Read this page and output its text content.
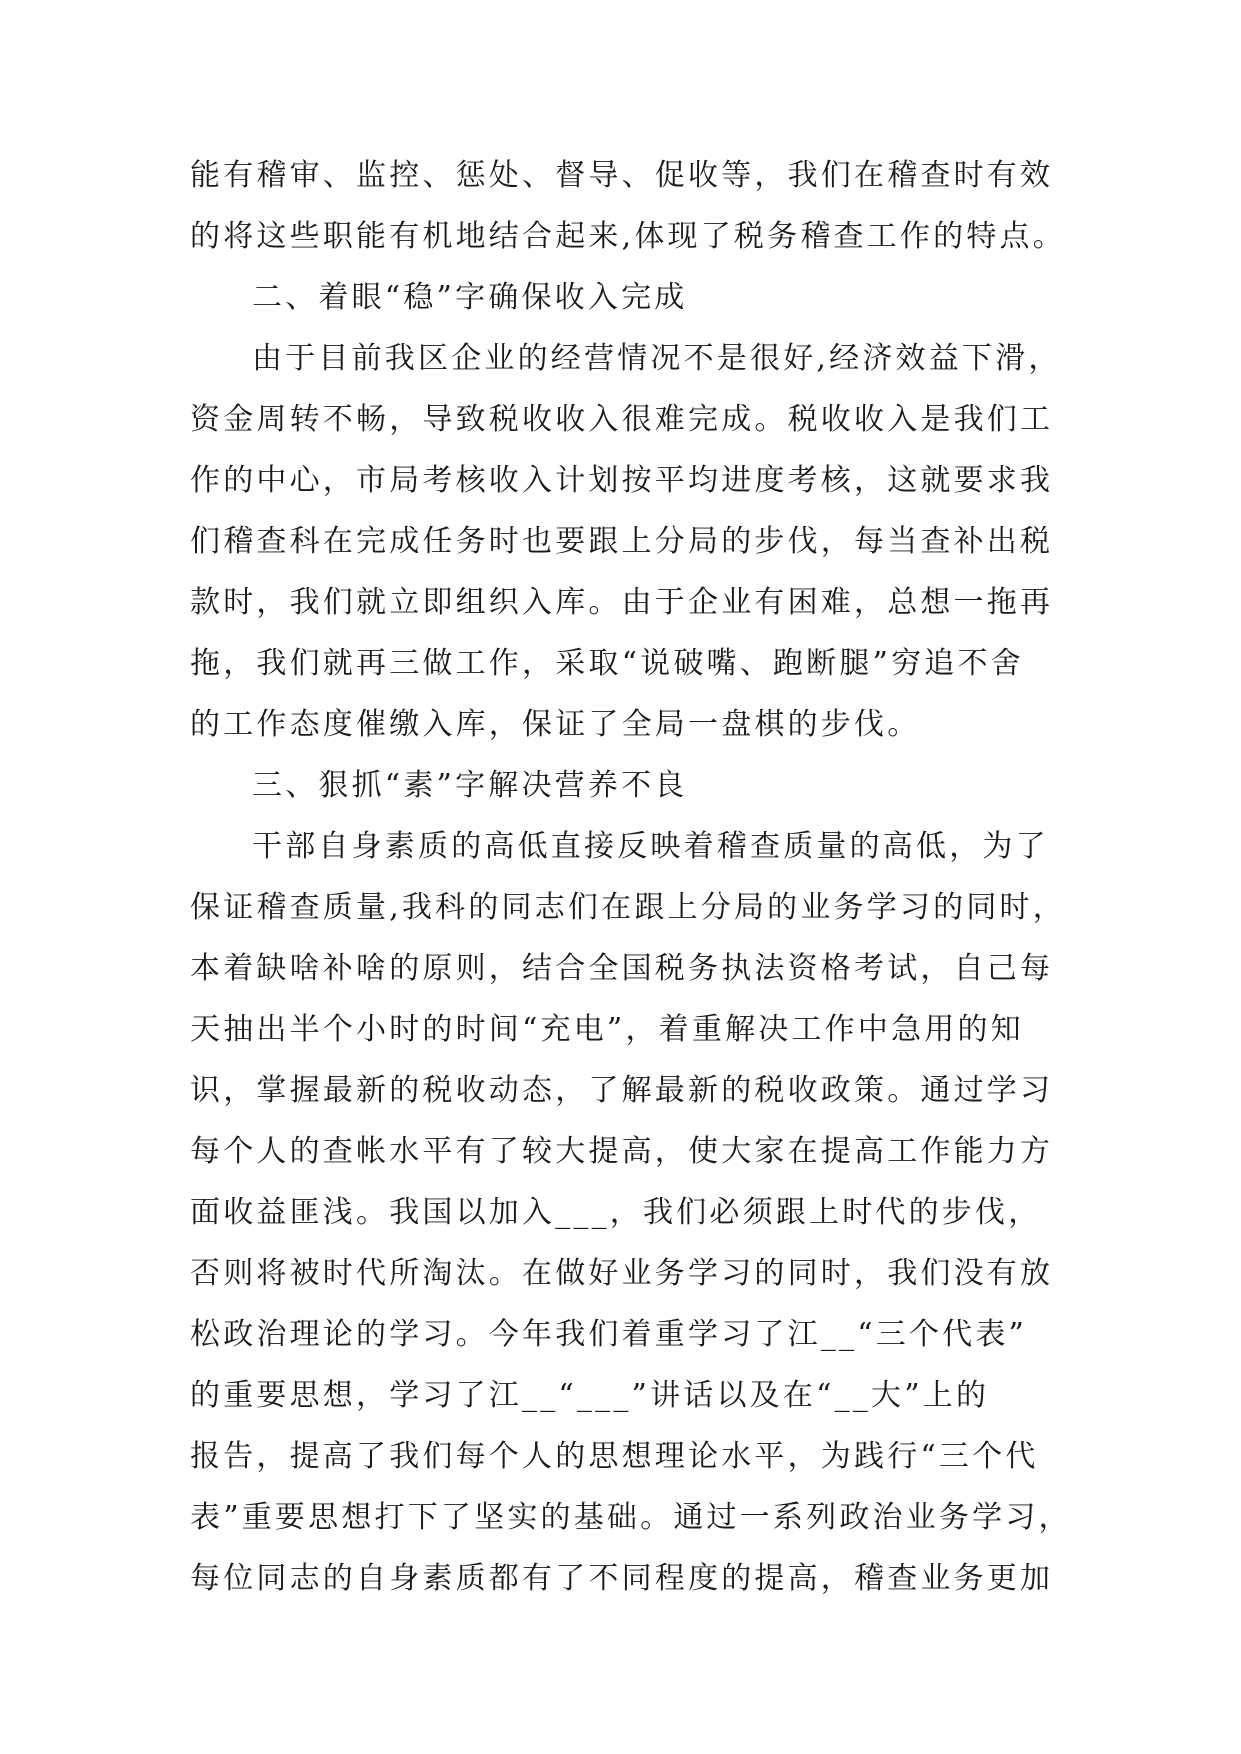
能有稽审、监控、惩处、督导、促收等，我们在稽查时有效
的将这些职能有机地结合起来,体现了税务稽查工作的特点。
二、着眼“稳”字确保收入完成
由于目前我区企业的经营情况不是很好,经济效益下滑，
资金周转不畅，导致税收收入很难完成。税收收入是我们工
作的中心，市局考核收入计划按平均进度考核，这就要求我
们稽查科在完成任务时也要跟上分局的步伐，每当查补出税
款时，我们就立即组织入库。由于企业有困难，总想一拖再
拖，我们就再三做工作，采取“说破嘴、跑断腿”穷追不舍
的工作态度催缴入库，保证了全局一盘棋的步伐。
三、狠抓“素”字解决营养不良
干部自身素质的高低直接反映着稽查质量的高低，为了
保证稽查质量,我科的同志们在跟上分局的业务学习的同时，
本着缺啥补啥的原则，结合全国税务执法资格考试，自己每
天抽出半个小时的时间“充电”，着重解决工作中急用的知
识，掌握最新的税收动态，了解最新的税收政策。通过学习
每个人的查帐水平有了较大提高，使大家在提高工作能力方
面收益匪浅。我国以加入___，我们必须跟上时代的步伐，
否则将被时代所淘汰。在做好业务学习的同时，我们没有放
松政治理论的学习。今年我们着重学习了江__“三个代表”
的重要思想，学习了江__“___”讲话以及在“__大”上的
报告，提高了我们每个人的思想理论水平，为践行“三个代
表”重要思想打下了坚实的基础。通过一系列政治业务学习，
每位同志的自身素质都有了不同程度的提高，稽查业务更加
